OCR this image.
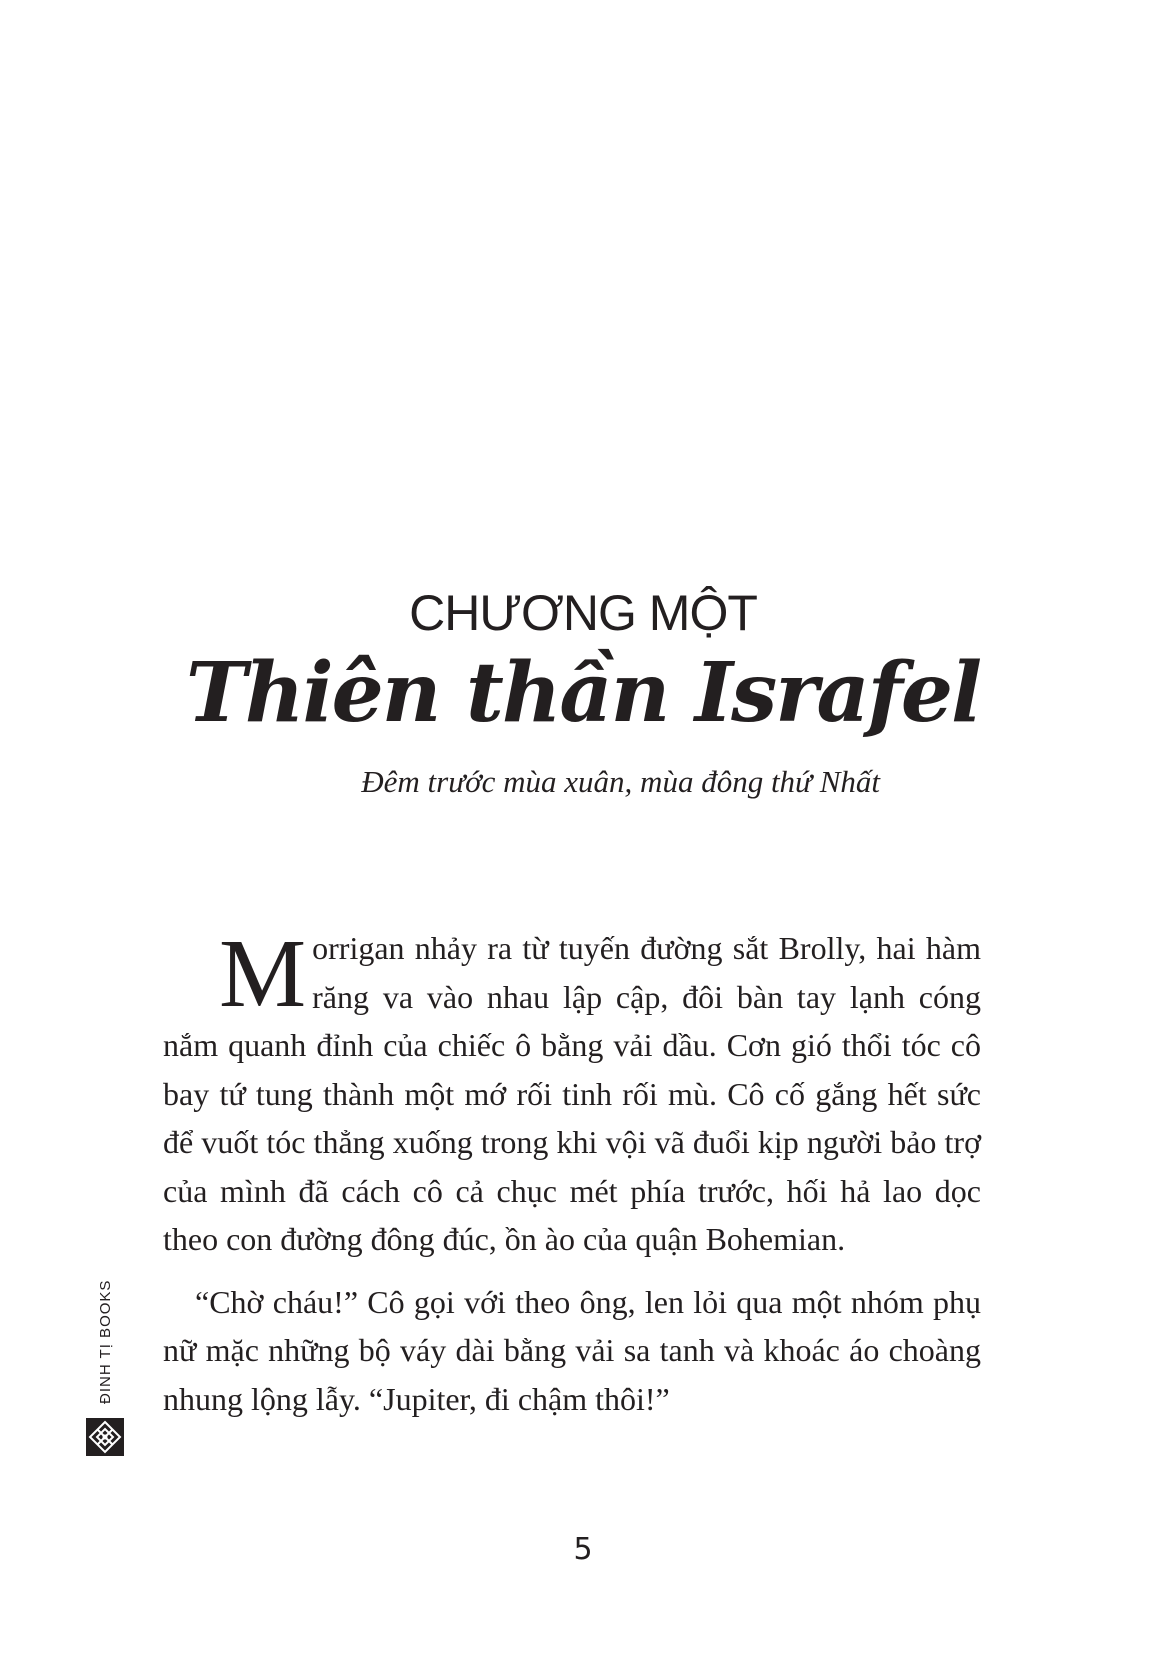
CHƯƠNG MỘT
Thiên thần Israfel
Đêm trước mùa xuân, mùa đông thứ Nhất

Morrigan nhảy ra từ tuyến đường sắt Brolly, hai hàm răng va vào nhau lập cập, đôi bàn tay lạnh cóng nắm quanh đỉnh của chiếc ô bằng vải dầu. Cơn gió thổi tóc cô bay tứ tung thành một mớ rối tinh rối mù. Cô cố gắng hết sức để vuốt tóc thẳng xuống trong khi vội vã đuổi kịp người bảo trợ của mình đã cách cô cả chục mét phía trước, hối hả lao dọc theo con đường đông đúc, ồn ào của quận Bohemian.

“Chờ cháu!” Cô gọi với theo ông, len lỏi qua một nhóm phụ nữ mặc những bộ váy dài bằng vải sa tanh và khoác áo choàng nhung lộng lẫy. “Jupiter, đi chậm thôi!”

ĐINH TỊ BOOKS
5
